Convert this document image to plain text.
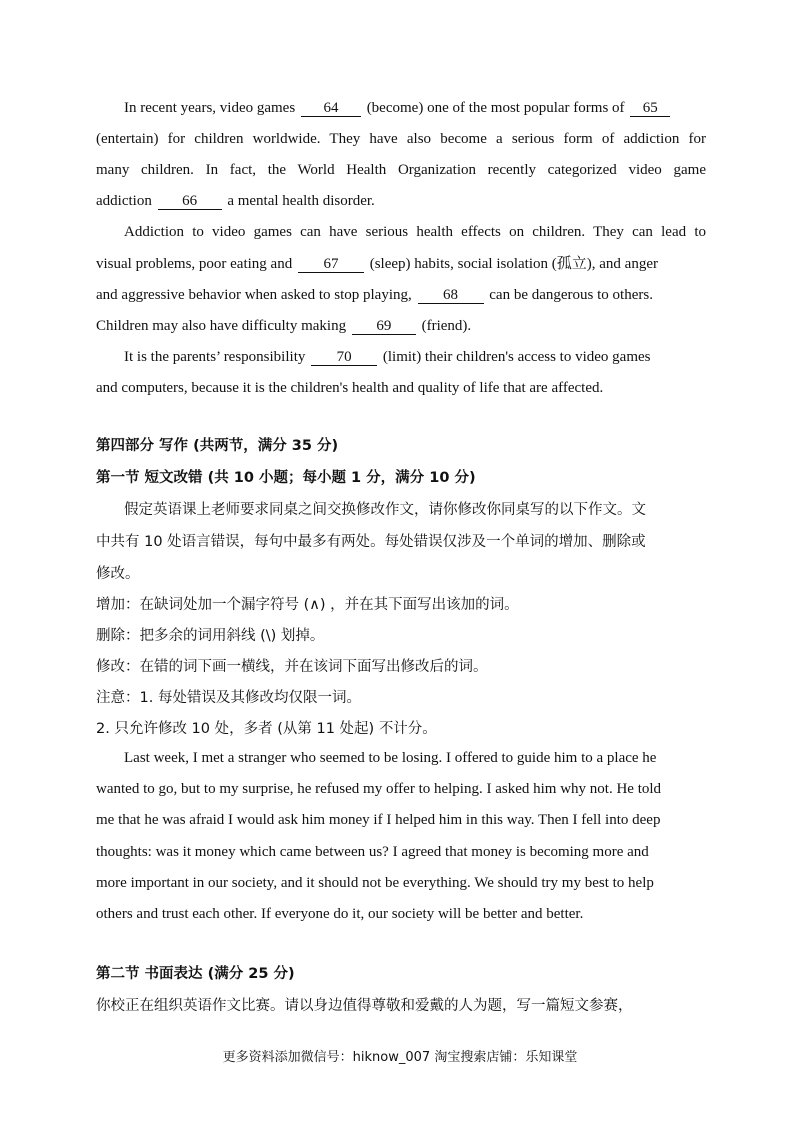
In recent years, video games 64 (become) one of the most popular forms of 65
(entertain) for children worldwide. They have also become a serious form of addiction for
many children. In fact, the World Health Organization recently categorized video game
addiction 66 a mental health disorder.
Addiction to video games can have serious health effects on children. They can lead to
visual problems, poor eating and 67 (sleep) habits, social isolation (孤立), and anger
and aggressive behavior when asked to stop playing, 68 can be dangerous to others.
Children may also have difficulty making 69 (friend).
It is the parents’ responsibility 70 (limit) their children's access to video games
and computers, because it is the children's health and quality of life that are affected.
第四部分 写作 (共两节，满分 35 分)
第一节 短文改错 (共 10 小题；每小题 1 分，满分 10 分)
假定英语课上老师要求同桌之间交换修改作文，请你修改你同桌写的以下作文。文
中共有 10 处语言错误，每句中最多有两处。每处错误仅涉及一个单词的增加、删除或
修改。
增加：在缺词处加一个漏字符号 (∧) ，并在其下面写出该加的词。
删除：把多余的词用斜线 (\) 划掉。
修改：在错的词下画一横线，并在该词下面写出修改后的词。
注意：1. 每处错误及其修改均仅限一词。
2. 只允许修改 10 处，多者 (从第 11 处起) 不计分。
Last week, I met a stranger who seemed to be losing. I offered to guide him to a place he
wanted to go, but to my surprise, he refused my offer to helping. I asked him why not. He told
me that he was afraid I would ask him money if I helped him in this way. Then I fell into deep
thoughts: was it money which came between us? I agreed that money is becoming more and
more important in our society, and it should not be everything. We should try my best to help
others and trust each other. If everyone do it, our society will be better and better.
第二节 书面表达 (满分 25 分)
你校正在组织英语作文比赛。请以身边值得尊敬和爱戴的人为题，写一篇短文参赛，
更多资料添加微信号：hiknow_007 淘宝搜索店铺：乐知课堂
